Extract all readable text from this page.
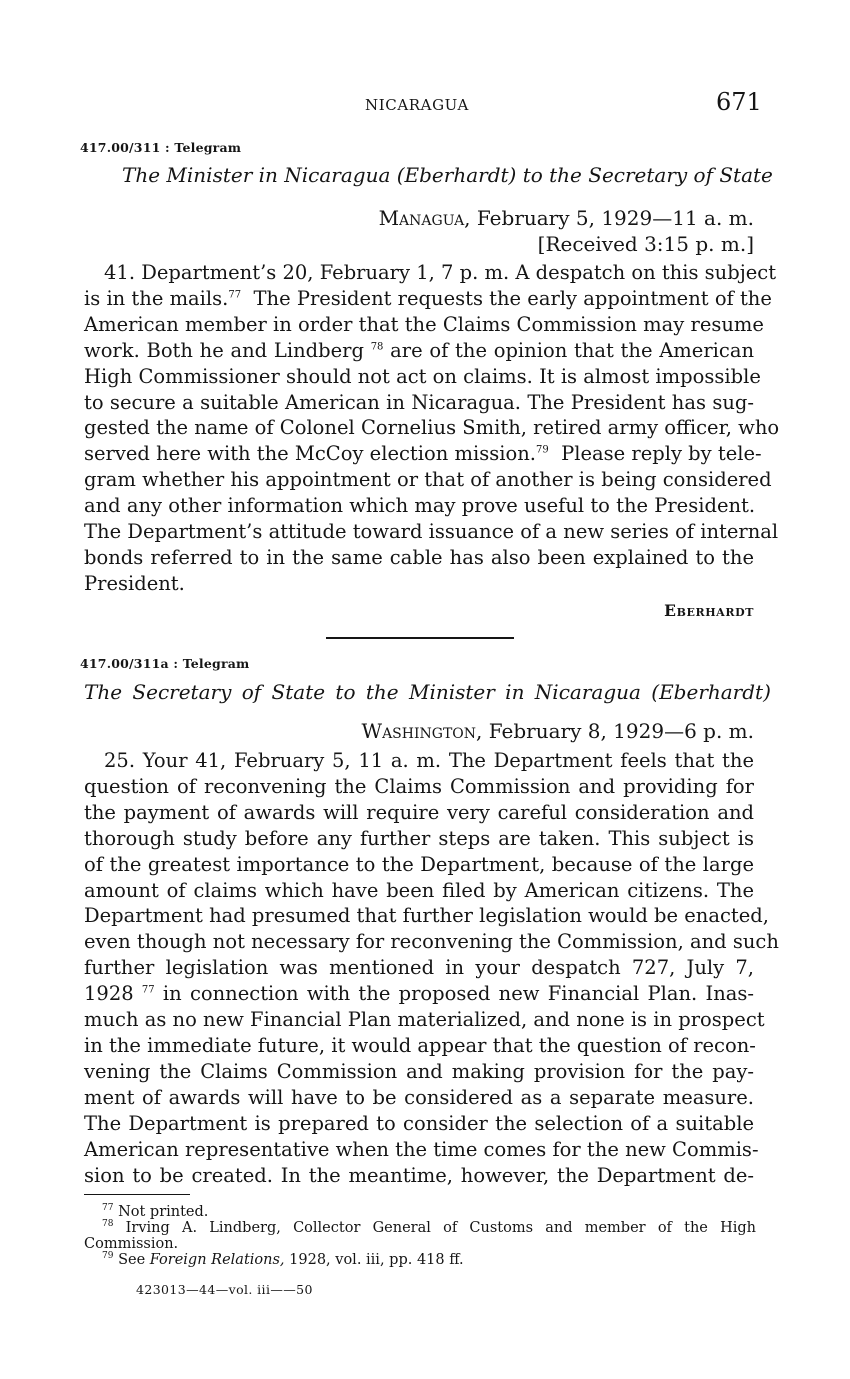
NICARAGUA	671
417.00/311 : Telegram
The Minister in Nicaragua (Eberhardt) to the Secretary of State
Managua, February 5, 1929—11 a. m.
[Received 3:15 p. m.]
41. Department’s 20, February 1, 7 p. m. A despatch on this subject
is in the mails.$^{77}$ The President requests the early appointment of the
American member in order that the Claims Commission may resume
work. Both he and Lindberg $^{78}$ are of the opinion that the American
High Commissioner should not act on claims. It is almost impossible
to secure a suitable American in Nicaragua. The President has sug-
gested the name of Colonel Cornelius Smith, retired army officer, who
served here with the McCoy election mission.$^{79}$ Please reply by tele-
gram whether his appointment or that of another is being considered
and any other information which may prove useful to the President.
The Department’s attitude toward issuance of a new series of internal
bonds referred to in the same cable has also been explained to the
President.
Eberhardt
417.00/311a : Telegram
The Secretary of State to the Minister in Nicaragua (Eberhardt)
Washington, February 8, 1929—6 p. m.
25. Your 41, February 5, 11 a. m. The Department feels that the
question of reconvening the Claims Commission and providing for
the payment of awards will require very careful consideration and
thorough study before any further steps are taken. This subject is
of the greatest importance to the Department, because of the large
amount of claims which have been filed by American citizens. The
Department had presumed that further legislation would be enacted,
even though not necessary for reconvening the Commission, and such
further legislation was mentioned in your despatch 727, July 7,
1928 $^{77}$ in connection with the proposed new Financial Plan. Inas-
much as no new Financial Plan materialized, and none is in prospect
in the immediate future, it would appear that the question of recon-
vening the Claims Commission and making provision for the pay-
ment of awards will have to be considered as a separate measure.
The Department is prepared to consider the selection of a suitable
American representative when the time comes for the new Commis-
sion to be created. In the meantime, however, the Department de-

$^{77}$ Not printed.

$^{78}$ Irving A. Lindberg, Collector General of Customs and member of the High

Commission.

$^{79}$ See Foreign Relations, 1928, vol. iii, pp. 418 ff.

423013—44—vol. iii——50
